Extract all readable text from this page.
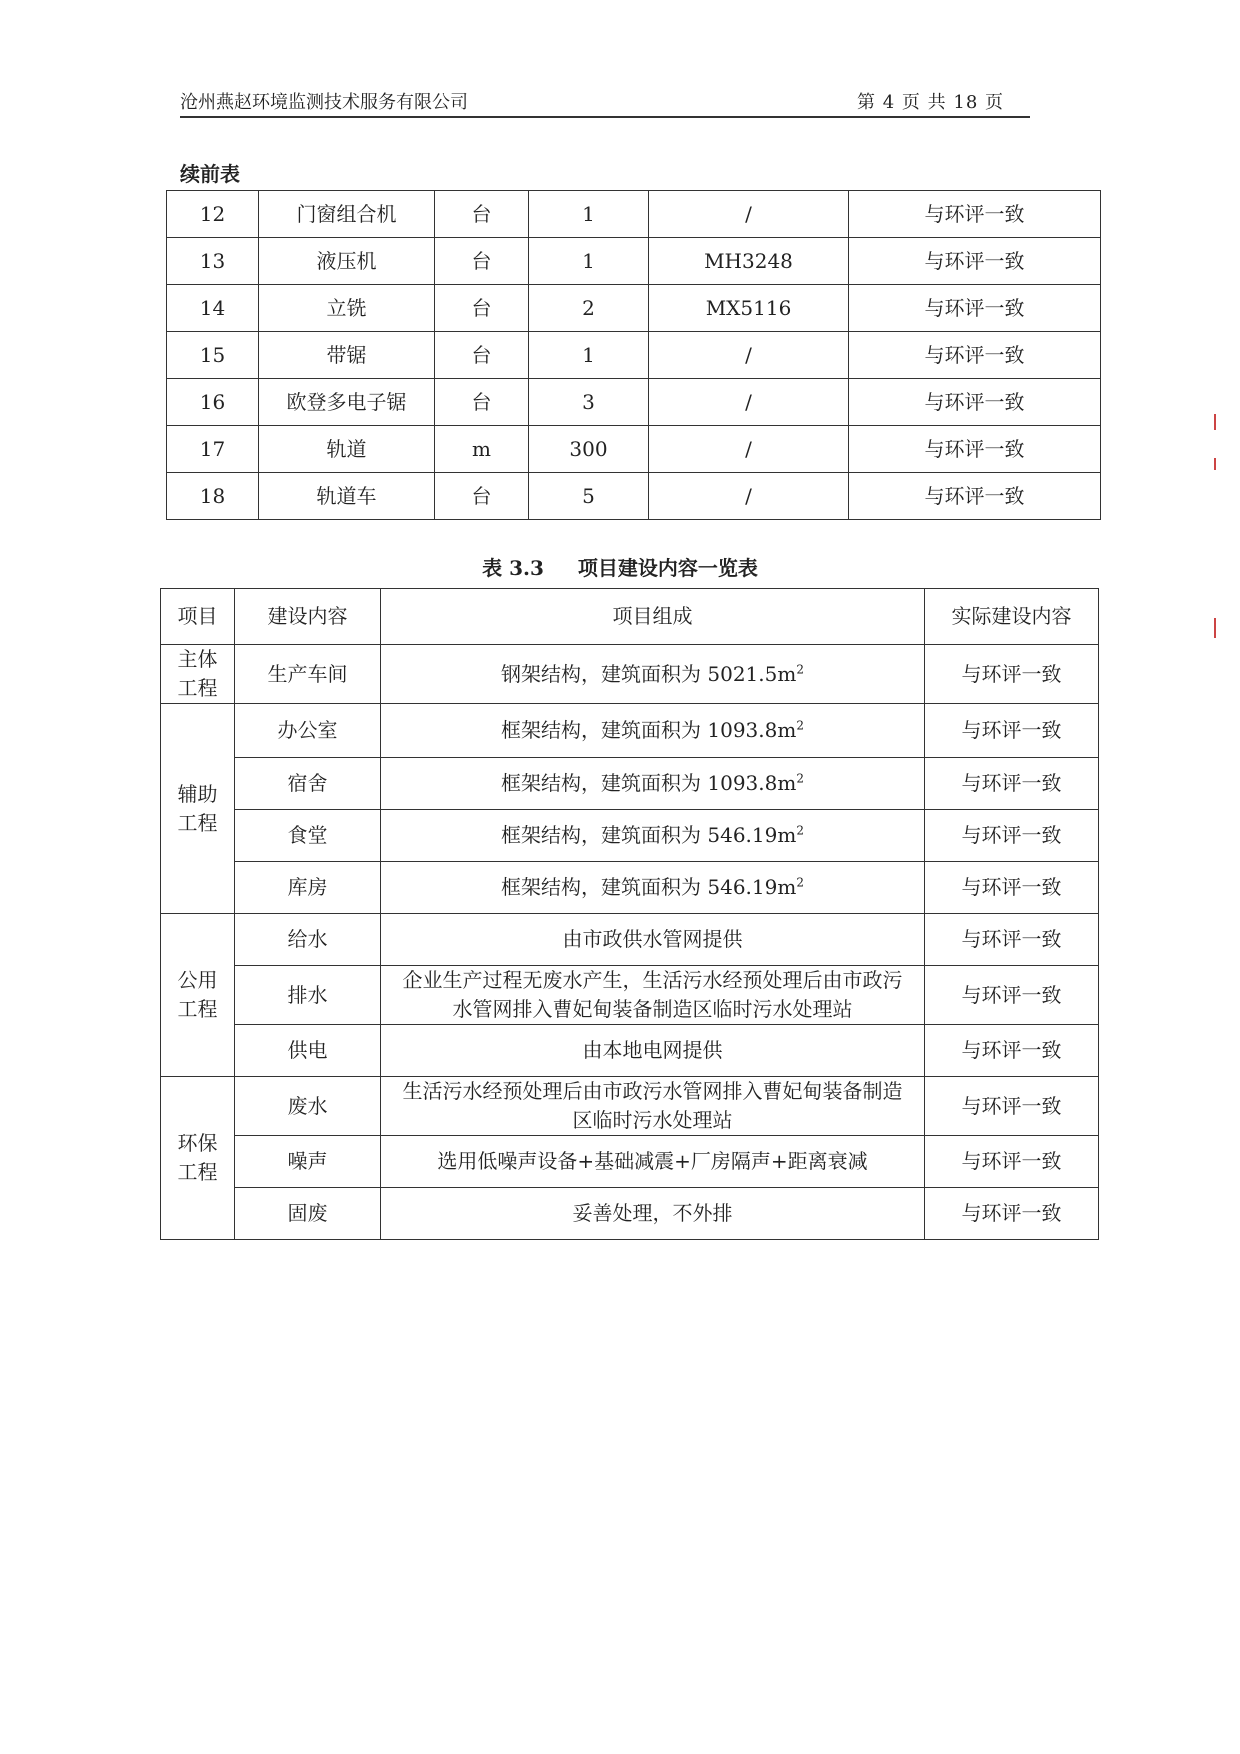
沧州燕赵环境监测技术服务有限公司	第 4 页 共 18 页
续前表
12	门窗组合机	台	1	/	与环评一致
13	液压机	台	1	MH3248	与环评一致
14	立铣	台	2	MX5116	与环评一致
15	带锯	台	1	/	与环评一致
16	欧登多电子锯	台	3	/	与环评一致
17	轨道	m	300	/	与环评一致
18	轨道车	台	5	/	与环评一致
表 3.3 项目建设内容一览表
项目	建设内容	项目组成	实际建设内容
主体工程	生产车间	钢架结构，建筑面积为 $5021.5m^2$	与环评一致
辅助工程	办公室	框架结构，建筑面积为 $1093.8m^2$	与环评一致
	宿舍	框架结构，建筑面积为 $1093.8m^2$	与环评一致
	食堂	框架结构，建筑面积为 $546.19m^2$	与环评一致
	库房	框架结构，建筑面积为 $546.19m^2$	与环评一致
公用工程	给水	由市政供水管网提供	与环评一致
	排水	企业生产过程无废水产生，生活污水经预处理后由市政污水管网排入曹妃甸装备制造区临时污水处理站	与环评一致
	供电	由本地电网提供	与环评一致
环保工程	废水	生活污水经预处理后由市政污水管网排入曹妃甸装备制造区临时污水处理站	与环评一致
	噪声	选用低噪声设备+基础减震+厂房隔声+距离衰减	与环评一致
	固废	妥善处理，不外排	与环评一致
